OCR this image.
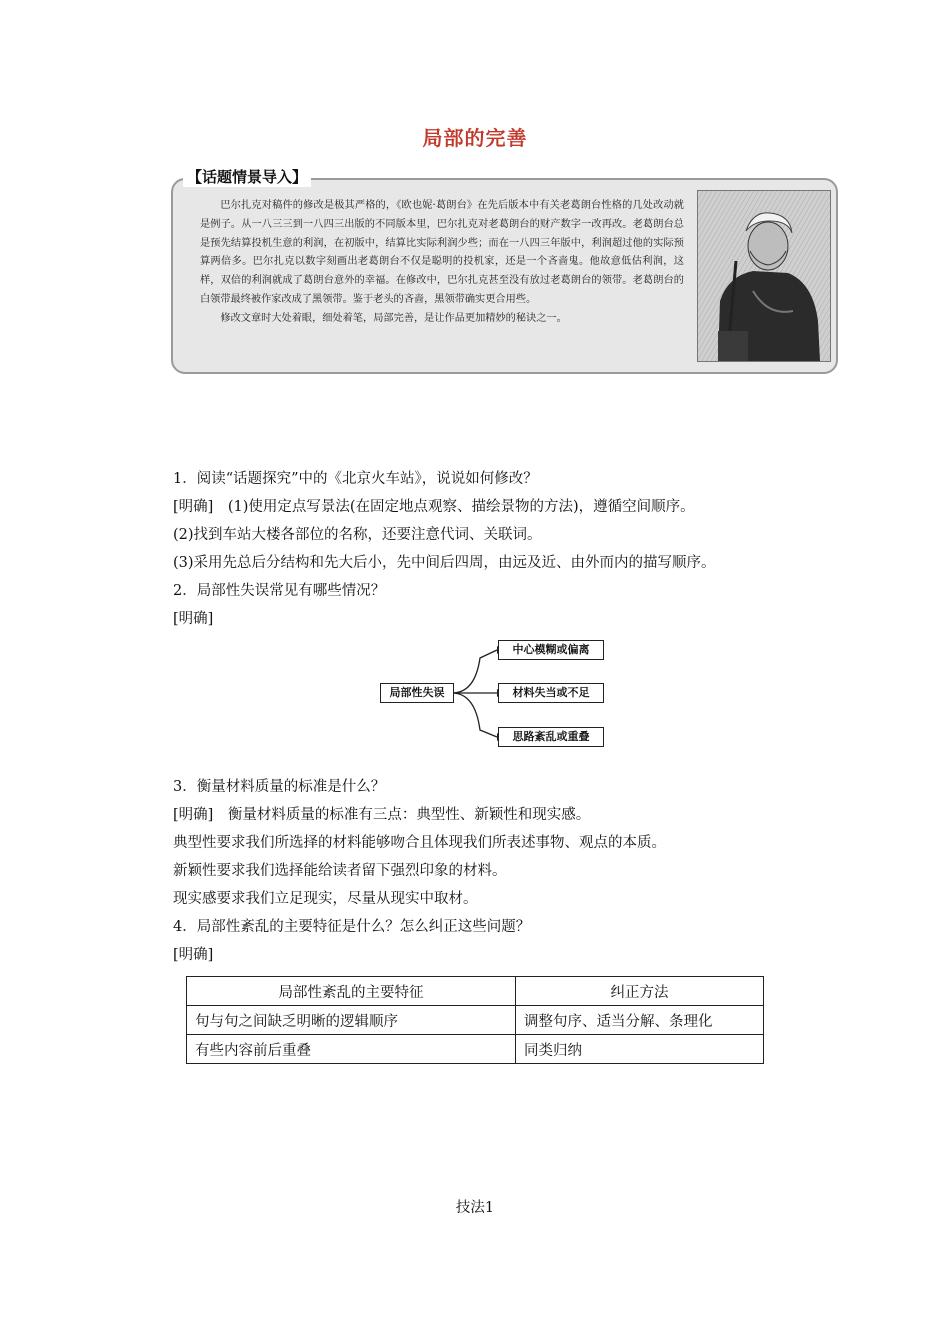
局部的完善
【话题情景导入】

巴尔扎克对稿件的修改是极其严格的，《欧也妮·葛朗台》在先后版本中有关老葛朗台性格的几处改动就是例子。从一八三三到一八四三出版的不同版本里，巴尔扎克对老葛朗台的财产数字一改再改。老葛朗台总是预先结算投机生意的利润，在初版中，结算比实际利润少些；而在一八四三年版中，利润超过他的实际预算两倍多。巴尔扎克以数字刻画出老葛朗台不仅是聪明的投机家，还是一个吝啬鬼。他故意低估利润，这样，双倍的利润就成了葛朗台意外的幸福。在修改中，巴尔扎克甚至没有放过老葛朗台的领带。老葛朗台的白领带最终被作家改成了黑领带。鉴于老头的吝啬，黑领带确实更合用些。

修改文章时大处着眼，细处着笔，局部完善，是让作品更加精妙的秘诀之一。

1．阅读“话题探究”中的《北京火车站》，说说如何修改？
[明确]　(1)使用定点写景法(在固定地点观察、描绘景物的方法)，遵循空间顺序。
(2)找到车站大楼各部位的名称，还要注意代词、关联词。
(3)采用先总后分结构和先大后小，先中间后四周，由远及近、由外而内的描写顺序。
2．局部性失误常见有哪些情况？
[明确]
3．衡量材料质量的标准是什么？
[明确]　衡量材料质量的标准有三点：典型性、新颖性和现实感。
典型性要求我们所选择的材料能够吻合且体现我们所表述事物、观点的本质。
新颖性要求我们选择能给读者留下强烈印象的材料。
现实感要求我们立足现实，尽量从现实中取材。
4．局部性紊乱的主要特征是什么？怎么纠正这些问题？
[明确]
局部性失误
中心模糊或偏离
材料失当或不足
思路紊乱或重叠
局部性紊乱的主要特征	纠正方法
句与句之间缺乏明晰的逻辑顺序	调整句序、适当分解、条理化
有些内容前后重叠	同类归纳
技法1
